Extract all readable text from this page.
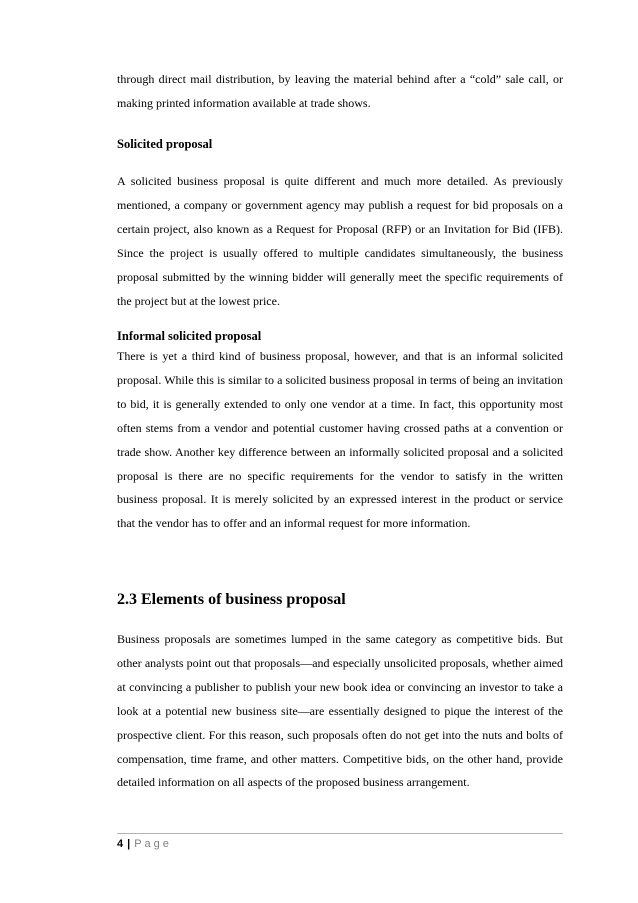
through direct mail distribution, by leaving the material behind after a “cold” sale call, or making printed information available at trade shows.

Solicited proposal

A solicited business proposal is quite different and much more detailed. As previously mentioned, a company or government agency may publish a request for bid proposals on a certain project, also known as a Request for Proposal (RFP) or an Invitation for Bid (IFB). Since the project is usually offered to multiple candidates simultaneously, the business proposal submitted by the winning bidder will generally meet the specific requirements of the project but at the lowest price.

Informal solicited proposal

There is yet a third kind of business proposal, however, and that is an informal solicited proposal. While this is similar to a solicited business proposal in terms of being an invitation to bid, it is generally extended to only one vendor at a time. In fact, this opportunity most often stems from a vendor and potential customer having crossed paths at a convention or trade show. Another key difference between an informally solicited proposal and a solicited proposal is there are no specific requirements for the vendor to satisfy in the written business proposal. It is merely solicited by an expressed interest in the product or service that the vendor has to offer and an informal request for more information.

2.3 Elements of business proposal

Business proposals are sometimes lumped in the same category as competitive bids. But other analysts point out that proposals—and especially unsolicited proposals, whether aimed at convincing a publisher to publish your new book idea or convincing an investor to take a look at a potential new business site—are essentially designed to pique the interest of the prospective client. For this reason, such proposals often do not get into the nuts and bolts of compensation, time frame, and other matters. Competitive bids, on the other hand, provide detailed information on all aspects of the proposed business arrangement.

4 | Page
